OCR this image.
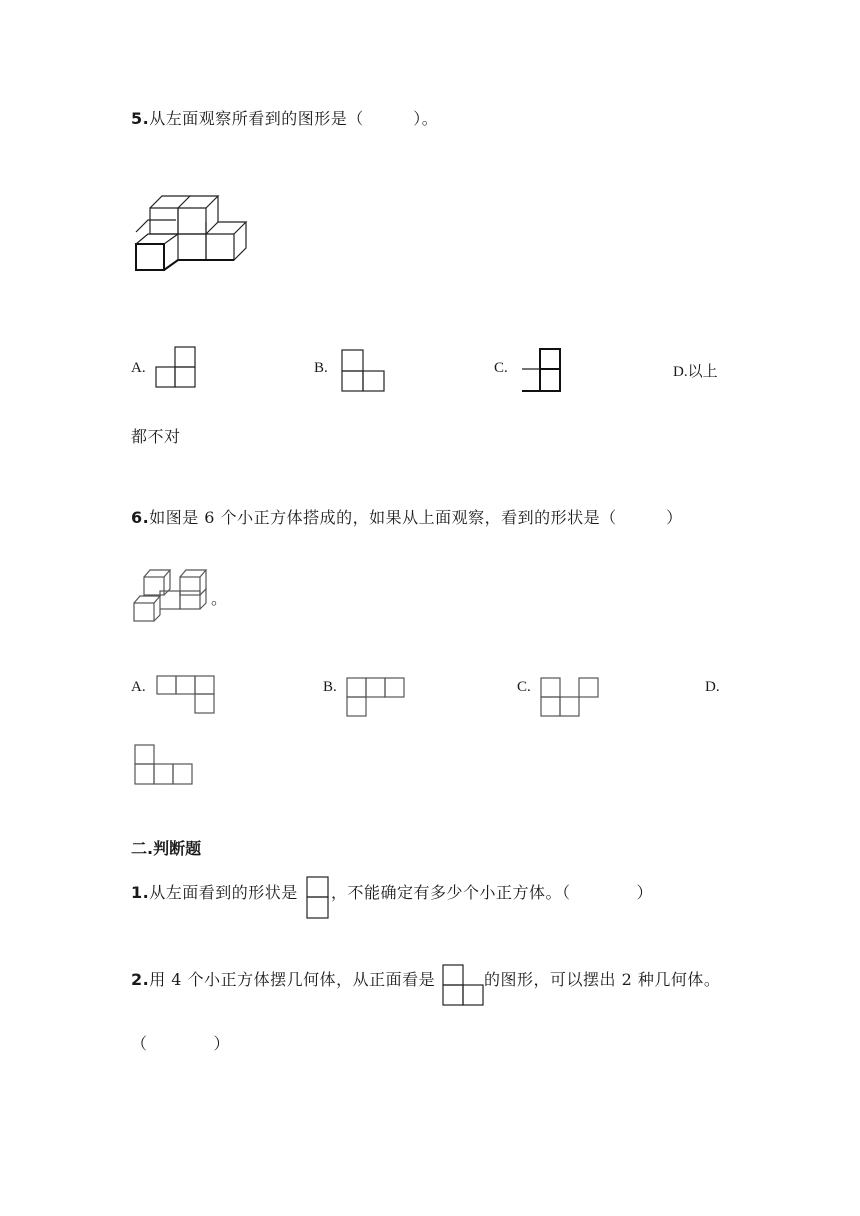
5.从左面观察所看到的图形是（　　　）。
A.	B.	C.	D.以上
都不对
6.如图是 6 个小正方体搭成的，如果从上面观察，看到的形状是（　　　）
。
A.	B.	C.	D.
二.判断题
1.从左面看到的形状是 ，不能确定有多少个小正方体。（　　　　）
2.用 4 个小正方体摆几何体，从正面看是	的图形，可以摆出 2 种几何体。
（　　　　）
